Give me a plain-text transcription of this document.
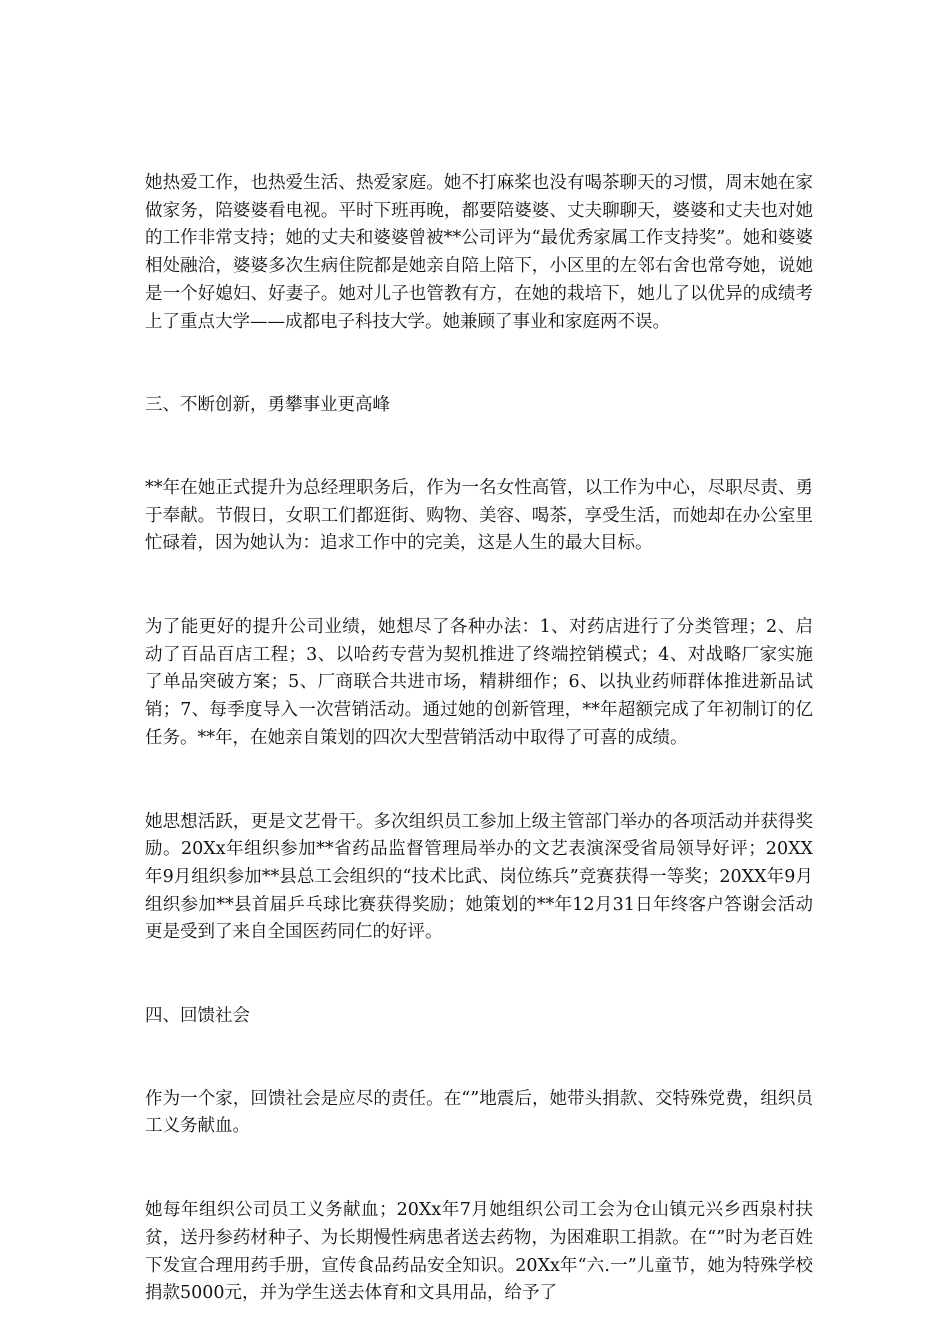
她热爱工作，也热爱生活、热爱家庭。她不打麻桨也没有喝茶聊天的习惯，周末她在家做家务，陪婆婆看电视。平时下班再晚，都要陪婆婆、丈夫聊聊天，婆婆和丈夫也对她的工作非常支持；她的丈夫和婆婆曾被**公司评为“最优秀家属工作支持奖”。她和婆婆相处融洽，婆婆多次生病住院都是她亲自陪上陪下，小区里的左邻右舍也常夸她，说她是一个好媳妇、好妻子。她对儿子也管教有方，在她的栽培下，她儿了以优异的成绩考上了重点大学——成都电子科技大学。她兼顾了事业和家庭两不误。

三、不断创新，勇攀事业更高峰

**年在她正式提升为总经理职务后，作为一名女性高管，以工作为中心，尽职尽责、勇于奉献。节假日，女职工们都逛街、购物、美容、喝茶，享受生活，而她却在办公室里忙碌着，因为她认为：追求工作中的完美，这是人生的最大目标。

为了能更好的提升公司业绩，她想尽了各种办法：1、对药店进行了分类管理；2、启动了百品百店工程；3、以哈药专营为契机推进了终端控销模式；4、对战略厂家实施了单品突破方案；5、厂商联合共进市场，精耕细作；6、以执业药师群体推进新品试销；7、每季度导入一次营销活动。通过她的创新管理，**年超额完成了年初制订的亿任务。**年，在她亲自策划的四次大型营销活动中取得了可喜的成绩。

她思想活跃，更是文艺骨干。多次组织员工参加上级主管部门举办的各项活动并获得奖励。20Xx年组织参加**省药品监督管理局举办的文艺表演深受省局领导好评；20XX年9月组织参加**县总工会组织的“技术比武、岗位练兵”竞赛获得一等奖；20XX年9月组织参加**县首届乒乓球比赛获得奖励；她策划的**年12月31日年终客户答谢会活动更是受到了来自全国医药同仁的好评。

四、回馈社会

作为一个家，回馈社会是应尽的责任。在“”地震后，她带头捐款、交特殊党费，组织员工义务献血。

她每年组织公司员工义务献血；20Xx年7月她组织公司工会为仓山镇元兴乡西泉村扶贫，送丹参药材种子、为长期慢性病患者送去药物，为困难职工捐款。在“”时为老百姓下发宣合理用药手册，宣传食品药品安全知识。20Xx年“六.一”儿童节，她为特殊学校捐款5000元，并为学生送去体育和文具用品，给予了
